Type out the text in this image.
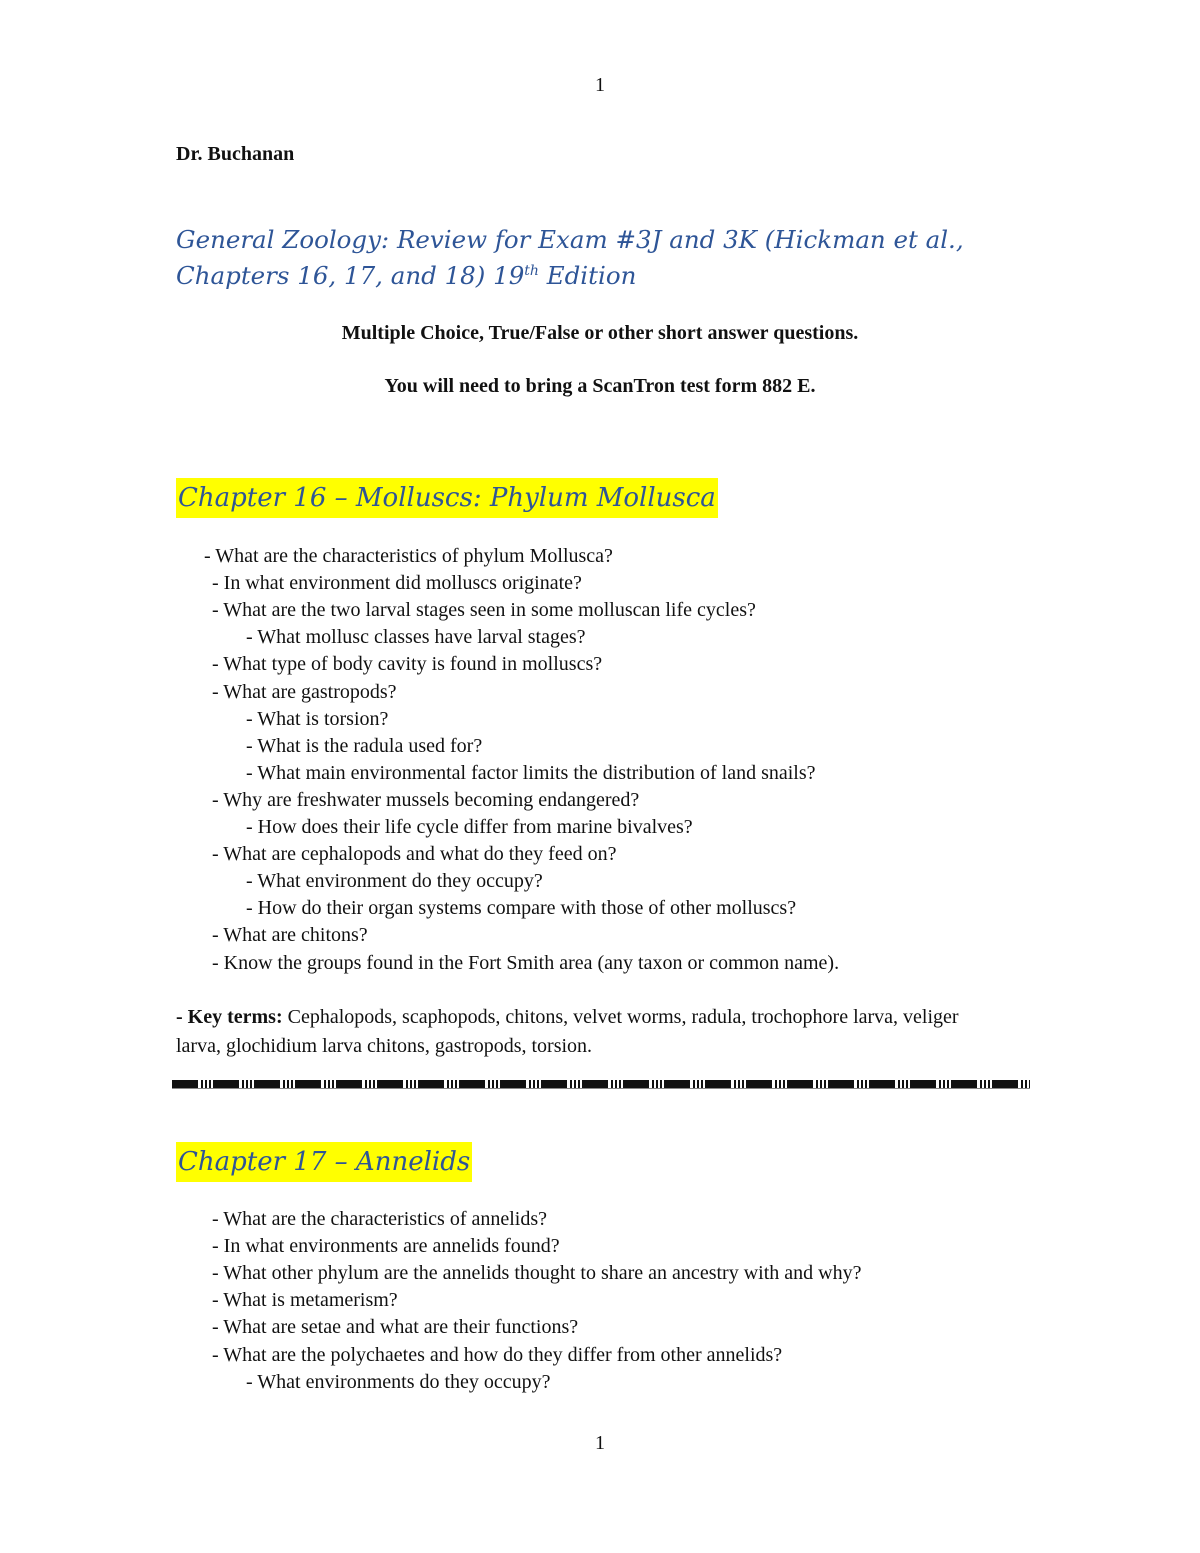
1
Dr. Buchanan
General Zoology: Review for Exam #3J and 3K (Hickman et al.,
Chapters 16, 17, and 18) 19th Edition
Multiple Choice, True/False or other short answer questions.
You will need to bring a ScanTron test form 882 E.
Chapter 16 – Molluscs: Phylum Mollusca
- What are the characteristics of phylum Mollusca?
- In what environment did molluscs originate?
- What are the two larval stages seen in some molluscan life cycles?
- What mollusc classes have larval stages?
- What type of body cavity is found in molluscs?
- What are gastropods?
- What is torsion?
- What is the radula used for?
- What main environmental factor limits the distribution of land snails?
- Why are freshwater mussels becoming endangered?
- How does their life cycle differ from marine bivalves?
- What are cephalopods and what do they feed on?
- What environment do they occupy?
- How do their organ systems compare with those of other molluscs?
- What are chitons?
- Know the groups found in the Fort Smith area (any taxon or common name).
- Key terms: Cephalopods, scaphopods, chitons, velvet worms, radula, trochophore larva, veliger larva, glochidium larva chitons, gastropods, torsion.
Chapter 17 – Annelids
- What are the characteristics of annelids?
- In what environments are annelids found?
- What other phylum are the annelids thought to share an ancestry with and why?
- What is metamerism?
- What are setae and what are their functions?
- What are the polychaetes and how do they differ from other annelids?
- What environments do they occupy?
1
